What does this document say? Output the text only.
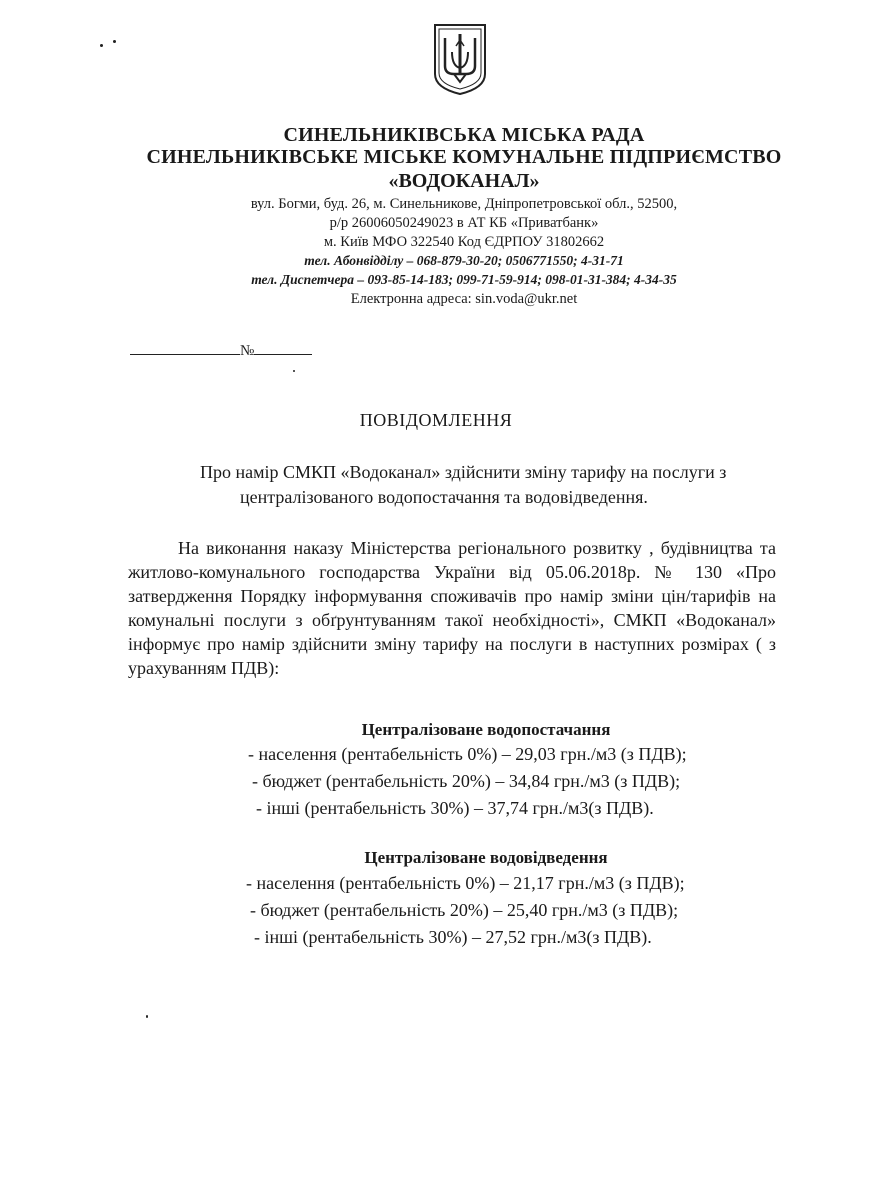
СИНЕЛЬНИКІВСЬКА МІСЬКА РАДА
СИНЕЛЬНИКІВСЬКЕ МІСЬКЕ КОМУНАЛЬНЕ ПІДПРИЄМСТВО
«ВОДОКАНАЛ»
вул. Богми, буд. 26, м. Синельникове, Дніпропетровської обл., 52500,
р/р 26006050249023 в АТ КБ «Приватбанк»
м. Київ МФО 322540 Код ЄДРПОУ 31802662
тел. Абонвідділу – 068-879-30-20; 0506771550; 4-31-71
тел. Диспетчера – 093-85-14-183; 099-71-59-914; 098-01-31-384; 4-34-35
Електронна адреса: sin.voda@ukr.net
№
ПОВІДОМЛЕННЯ
Про намір СМКП «Водоканал» здійснити зміну тарифу на послуги з
централізованого водопостачання та водовідведення.
На виконання наказу Міністерства регіонального розвитку , будівництва та житлово-комунального господарства України від 05.06.2018р. № 130 «Про затвердження Порядку інформування споживачів про намір зміни цін/тарифів на комунальні послуги з обґрунтуванням такої необхідності», СМКП «Водоканал» інформує про намір здійснити зміну тарифу на послуги в наступних розмірах ( з урахуванням ПДВ):
Централізоване водопостачання
- населення (рентабельність 0%) – 29,03 грн./м3 (з ПДВ);
- бюджет (рентабельність 20%) – 34,84 грн./м3 (з ПДВ);
- інші (рентабельність 30%) – 37,74 грн./м3(з ПДВ).
Централізоване водовідведення
- населення (рентабельність 0%) – 21,17 грн./м3 (з ПДВ);
- бюджет (рентабельність 20%) – 25,40 грн./м3 (з ПДВ);
- інші (рентабельність 30%) – 27,52 грн./м3(з ПДВ).
